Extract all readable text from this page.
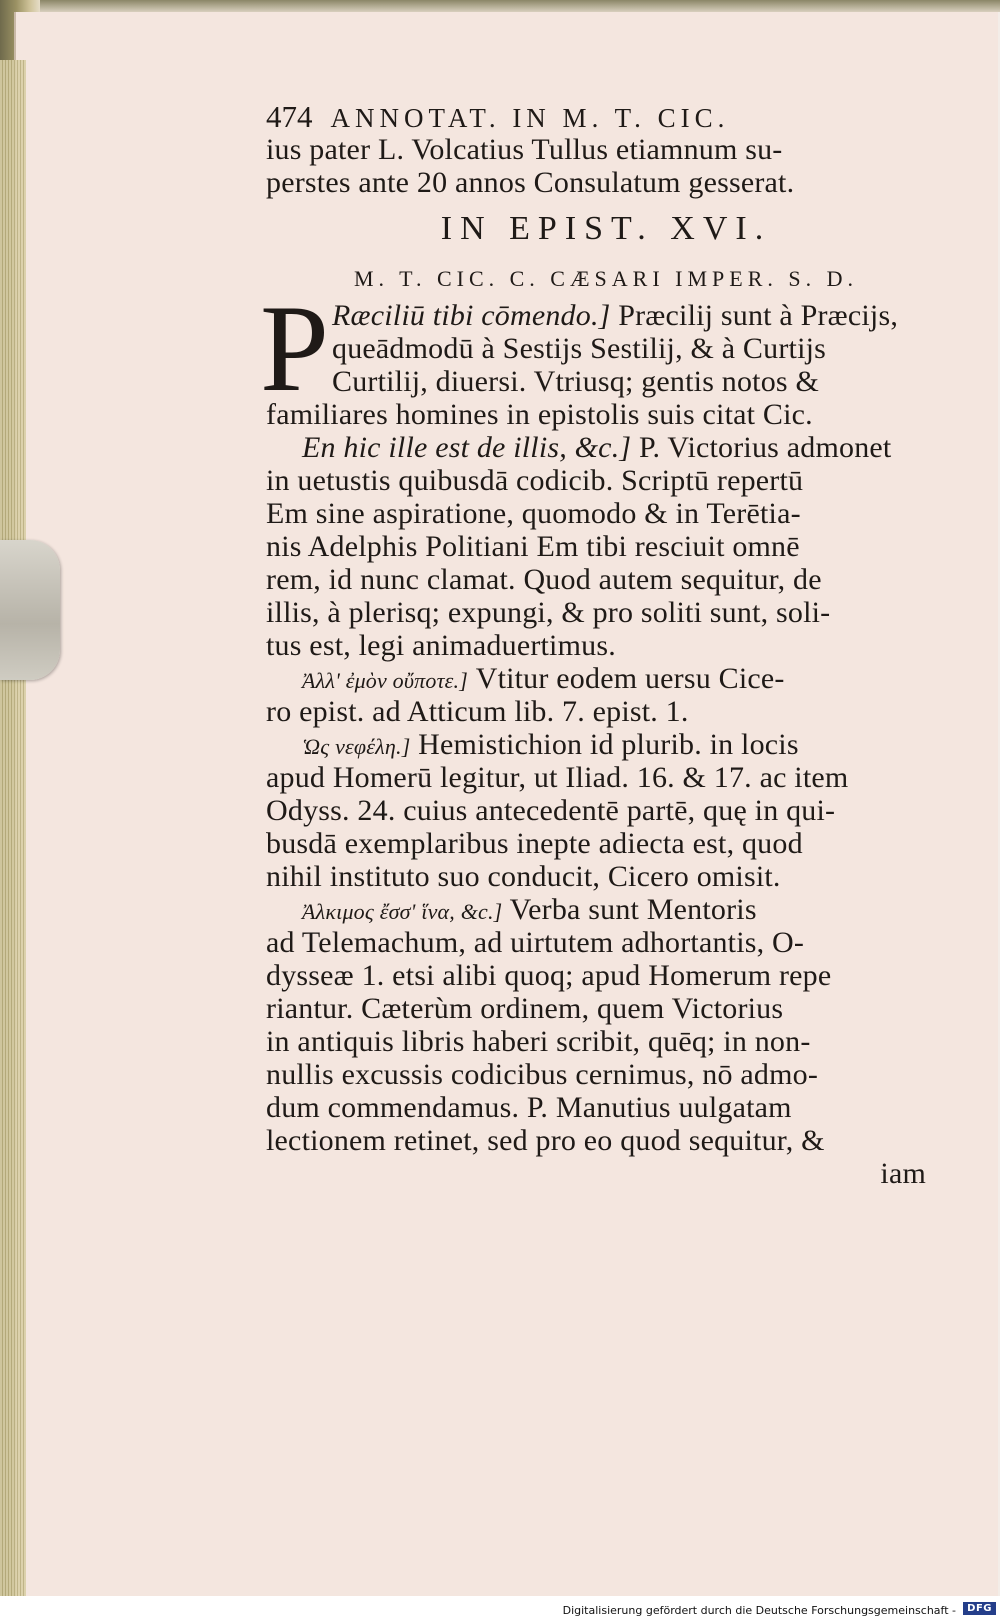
474 ANNOTAT. IN M. T. CIC.
ius pater L. Volcatius Tullus etiamnum su-
perstes ante 20 annos Consulatum gesserat.
IN EPIST. XVI.
M. T. CIC. C. CÆSARI IMPER. S. D.
P Ræciliū tibi cōmendo.] Præcilij sunt à Præcijs,
queādmodū à Sestijs Sestilij, & à Curtijs
Curtilij, diuersi. Vtriusq; gentis notos &
familiares homines in epistolis suis citat Cic.
En hic ille est de illis, &c.] P. Victorius admonet
in uetustis quibusdā codicib. Scriptū repertū
Em sine aspiratione, quomodo & in Terētia-
nis Adelphis Politiani Em tibi resciuit omnē
rem, id nunc clamat. Quod autem sequitur, de
illis, à plerisq; expungi, & pro soliti sunt, soli-
tus est, legi animaduertimus.
Ἀλλ' ἐμὸν οὔποτε.] Vtitur eodem uersu Cice-
ro epist. ad Atticum lib. 7. epist. 1.
Ὡς νεφέλη.] Hemistichion id plurib. in locis
apud Homerū legitur, ut Iliad. 16. & 17. ac item
Odyss. 24. cuius antecedentē partē, quę in qui-
busdā exemplaribus inepte adiecta est, quod
nihil instituto suo conducit, Cicero omisit.
Ἀλκιμος ἔσσ' ἵνα, &c.] Verba sunt Mentoris
ad Telemachum, ad uirtutem adhortantis, O-
dysseæ 1. etsi alibi quoq; apud Homerum repe
riantur. Cæterùm ordinem, quem Victorius
in antiquis libris haberi scribit, quēq; in non-
nullis excussis codicibus cernimus, nō admo-
dum commendamus. P. Manutius uulgatam
lectionem retinet, sed pro eo quod sequitur, &
iam
Digitalisierung gefördert durch die Deutsche Forschungsgemeinschaft -	DFG
